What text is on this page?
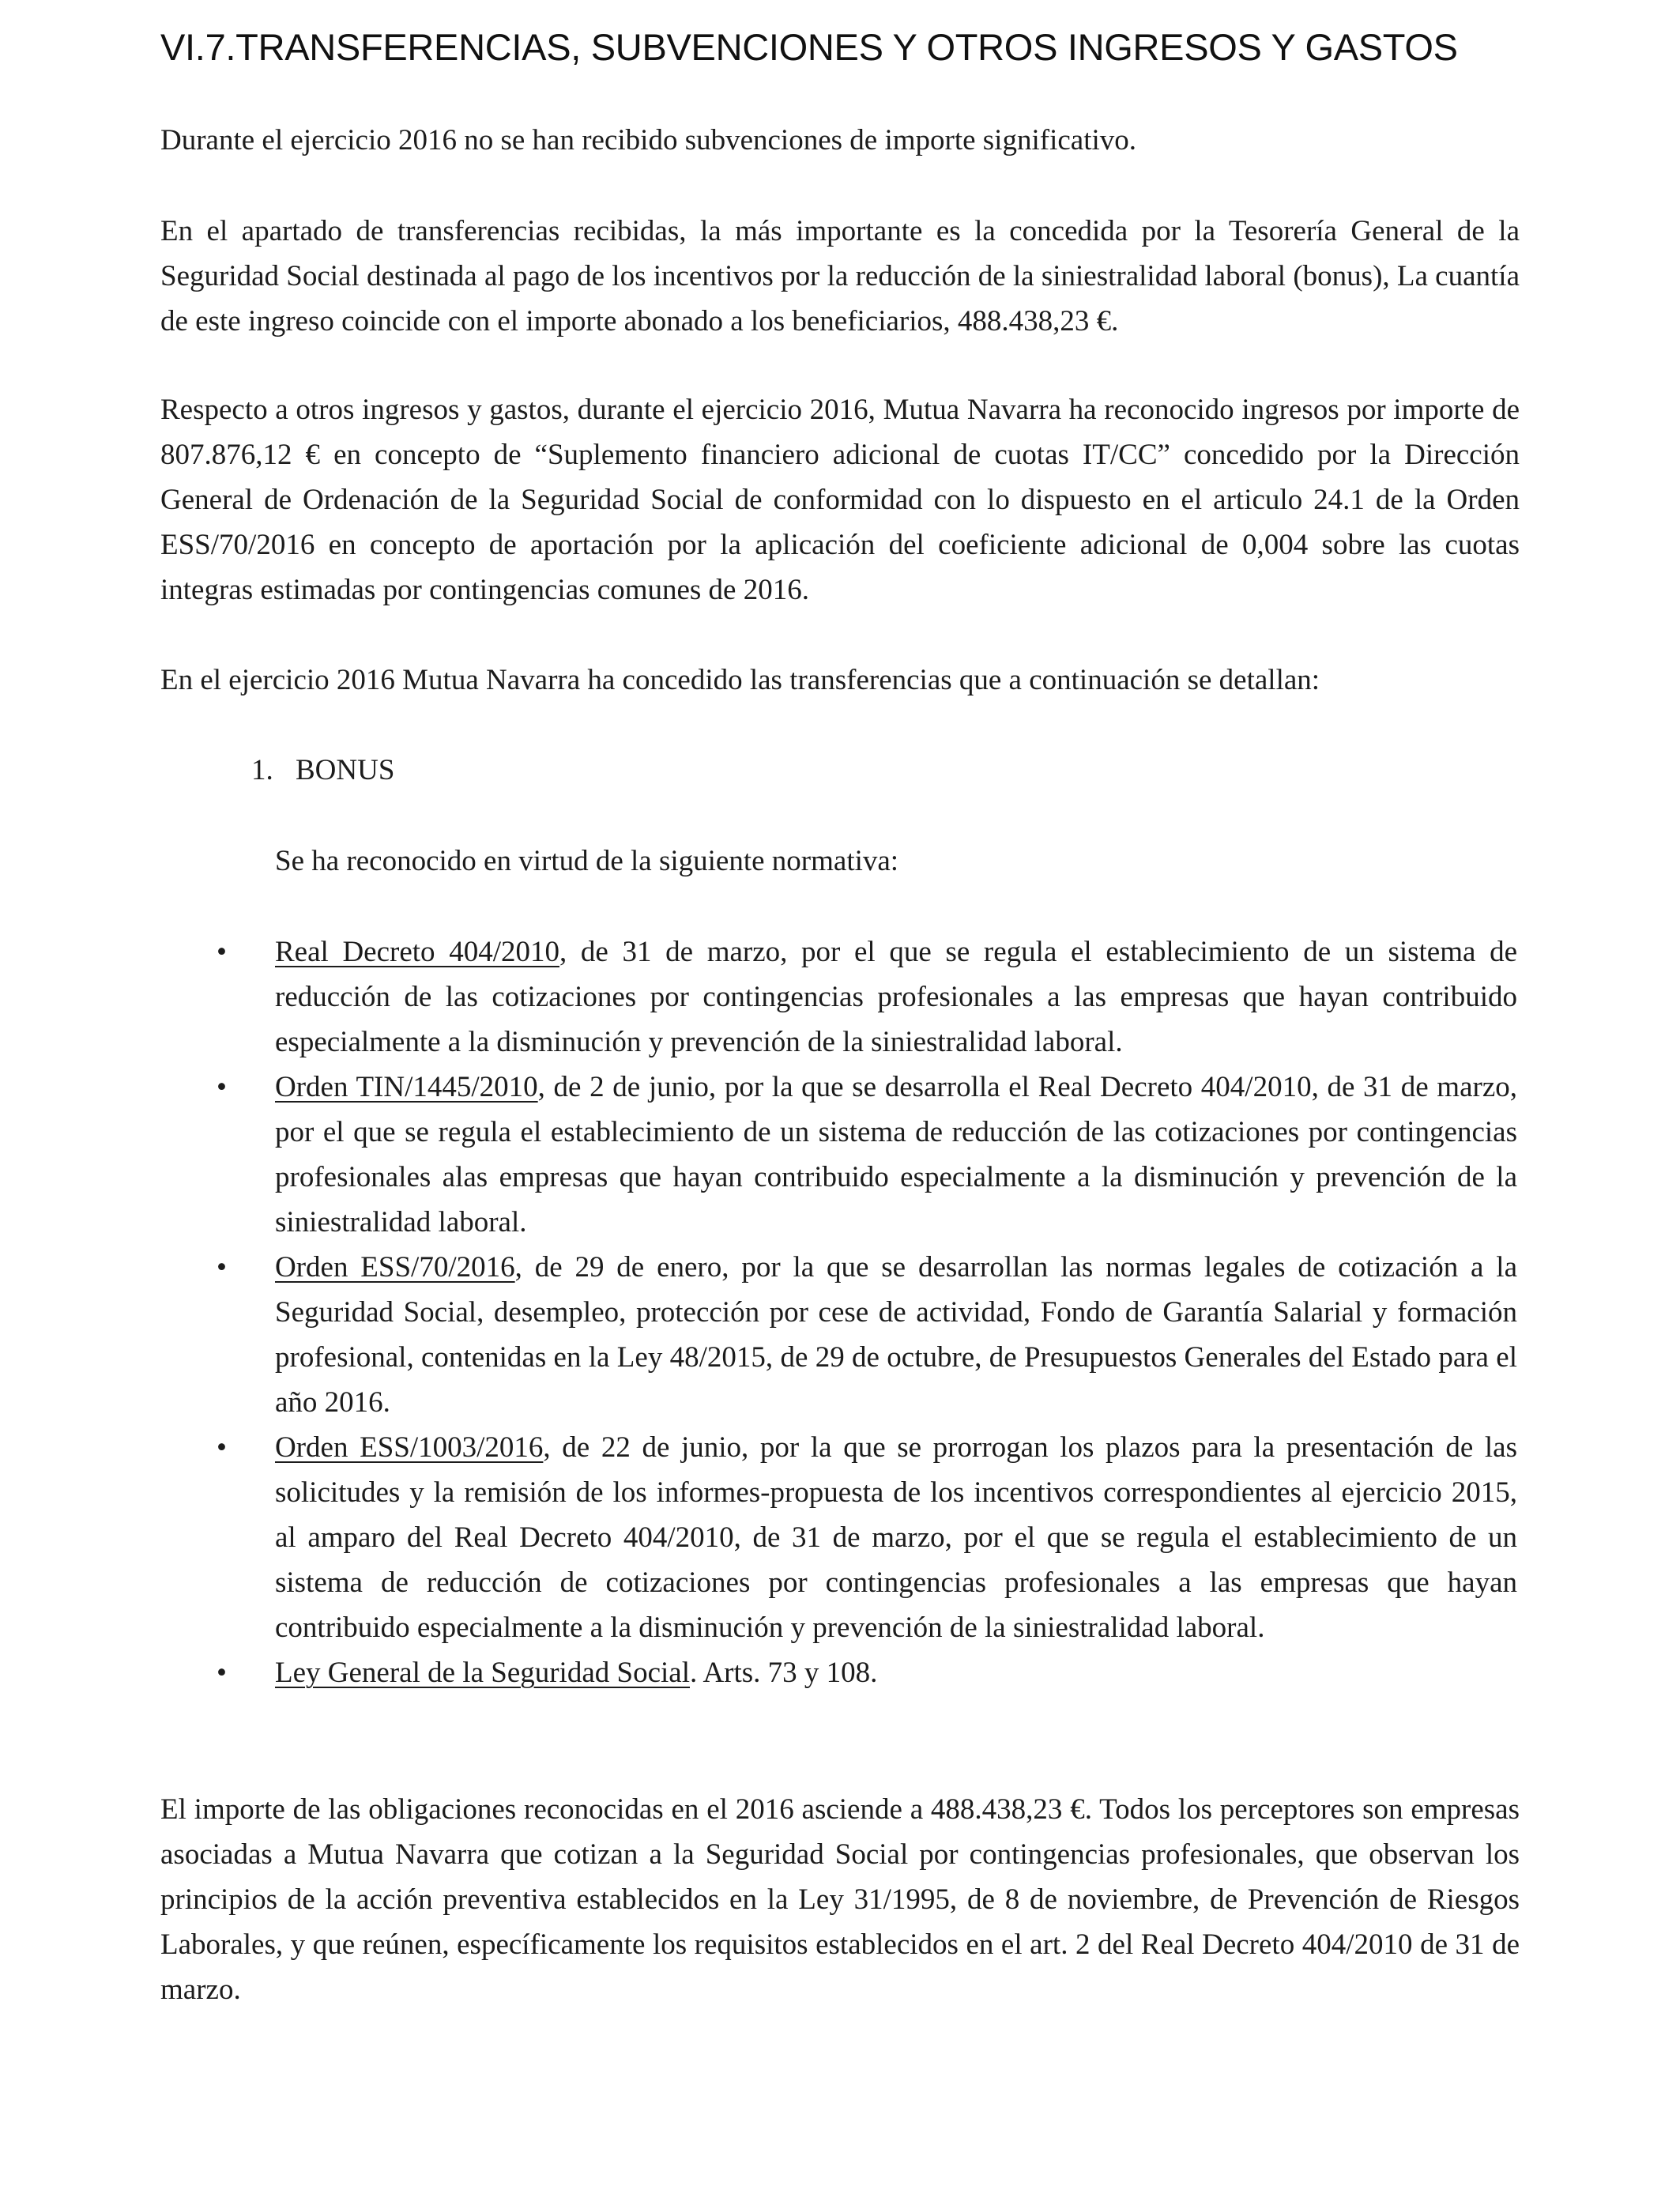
VI.7.TRANSFERENCIAS, SUBVENCIONES Y OTROS INGRESOS Y GASTOS

Durante el ejercicio 2016 no se han recibido subvenciones de importe significativo.

En el apartado de transferencias recibidas, la más importante es la concedida por la Tesorería General de la Seguridad Social destinada al pago de los incentivos por la reducción de la siniestralidad laboral (bonus), La cuantía de este ingreso coincide con el importe abonado a los beneficiarios, 488.438,23 €.

Respecto a otros ingresos y gastos, durante el ejercicio 2016, Mutua Navarra ha reconocido ingresos por importe de 807.876,12 € en concepto de “Suplemento financiero adicional de cuotas IT/CC” concedido por la Dirección General de Ordenación de la Seguridad Social de conformidad con lo dispuesto en el articulo 24.1 de la Orden ESS/70/2016 en concepto de aportación por la aplicación del coeficiente adicional de 0,004 sobre las cuotas integras estimadas por contingencias comunes de 2016.

En el ejercicio 2016 Mutua Navarra ha concedido las transferencias que a continuación se detallan:

1. BONUS

Se ha reconocido en virtud de la siguiente normativa:

• Real Decreto 404/2010, de 31 de marzo, por el que se regula el establecimiento de un sistema de reducción de las cotizaciones por contingencias profesionales a las empresas que hayan contribuido especialmente a la disminución y prevención de la siniestralidad laboral.
• Orden TIN/1445/2010, de 2 de junio, por la que se desarrolla el Real Decreto 404/2010, de 31 de marzo, por el que se regula el establecimiento de un sistema de reducción de las cotizaciones por contingencias profesionales alas empresas que hayan contribuido especialmente a la disminución y prevención de la siniestralidad laboral.
• Orden ESS/70/2016, de 29 de enero, por la que se desarrollan las normas legales de cotización a la Seguridad Social, desempleo, protección por cese de actividad, Fondo de Garantía Salarial y formación profesional, contenidas en la Ley 48/2015, de 29 de octubre, de Presupuestos Generales del Estado para el año 2016.
• Orden ESS/1003/2016, de 22 de junio, por la que se prorrogan los plazos para la presentación de las solicitudes y la remisión de los informes-propuesta de los incentivos correspondientes al ejercicio 2015, al amparo del Real Decreto 404/2010, de 31 de marzo, por el que se regula el establecimiento de un sistema de reducción de cotizaciones por contingencias profesionales a las empresas que hayan contribuido especialmente a la disminución y prevención de la siniestralidad laboral.
• Ley General de la Seguridad Social. Arts. 73 y 108.

El importe de las obligaciones reconocidas en el 2016 asciende a 488.438,23 €. Todos los perceptores son empresas asociadas a Mutua Navarra que cotizan a la Seguridad Social por contingencias profesionales, que observan los principios de la acción preventiva establecidos en la Ley 31/1995, de 8 de noviembre, de Prevención de Riesgos Laborales, y que reúnen, específicamente los requisitos establecidos en el art. 2 del Real Decreto 404/2010 de 31 de marzo.
